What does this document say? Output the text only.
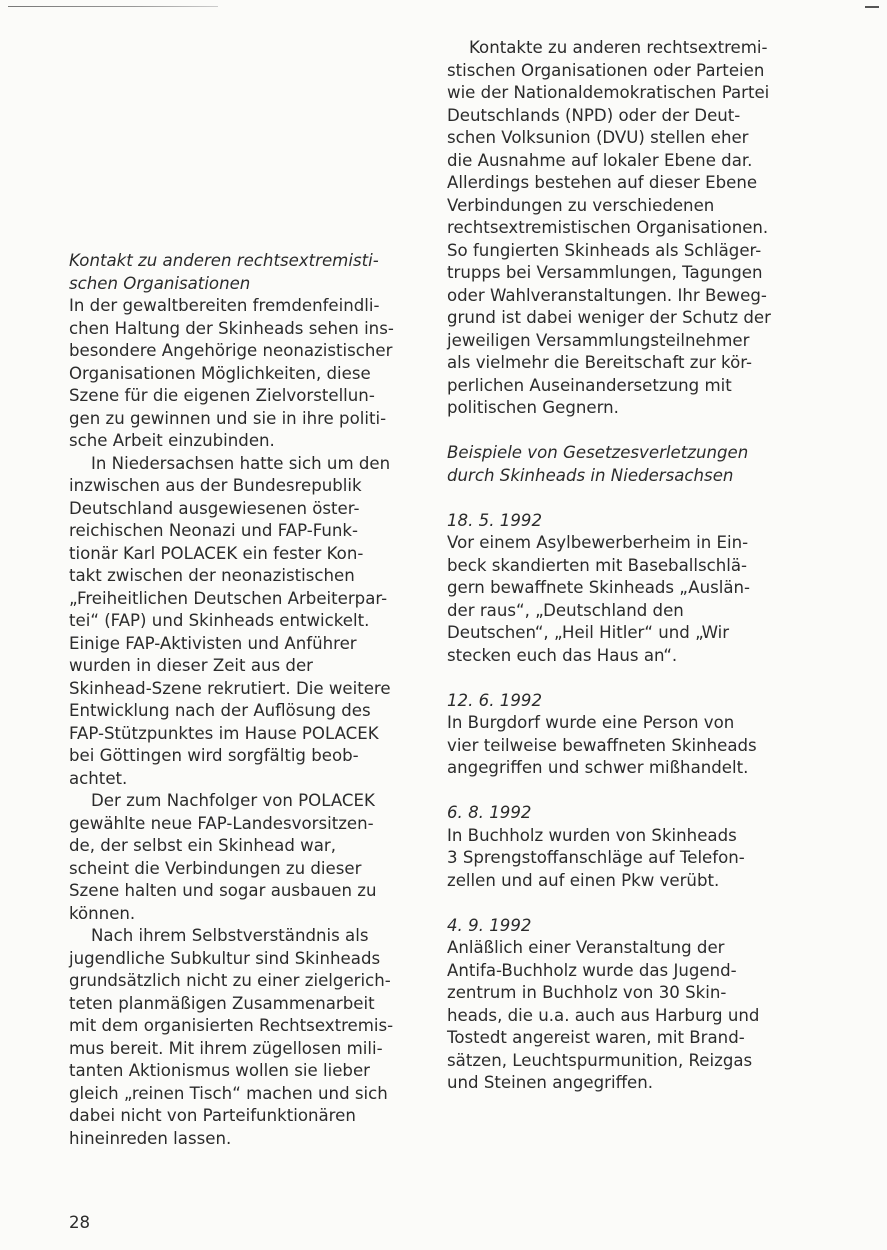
Kontakt zu anderen rechtsextremisti-
schen Organisationen

In der gewaltbereiten fremdenfeindli-
chen Haltung der Skinheads sehen ins-
besondere Angehörige neonazistischer
Organisationen Möglichkeiten, diese
Szene für die eigenen Zielvorstellun-
gen zu gewinnen und sie in ihre politi-
sche Arbeit einzubinden.

In Niedersachsen hatte sich um den
inzwischen aus der Bundesrepublik
Deutschland ausgewiesenen öster-
reichischen Neonazi und FAP-Funk-
tionär Karl POLACEK ein fester Kon-
takt zwischen der neonazistischen
„Freiheitlichen Deutschen Arbeiterpar-
tei“ (FAP) und Skinheads entwickelt.
Einige FAP-Aktivisten und Anführer
wurden in dieser Zeit aus der
Skinhead-Szene rekrutiert. Die weitere
Entwicklung nach der Auflösung des
FAP-Stützpunktes im Hause POLACEK
bei Göttingen wird sorgfältig beob-
achtet.

Der zum Nachfolger von POLACEK
gewählte neue FAP-Landesvorsitzen-
de, der selbst ein Skinhead war,
scheint die Verbindungen zu dieser
Szene halten und sogar ausbauen zu
können.

Nach ihrem Selbstverständnis als
jugendliche Subkultur sind Skinheads
grundsätzlich nicht zu einer zielgerich-
teten planmäßigen Zusammenarbeit
mit dem organisierten Rechtsextremis-
mus bereit. Mit ihrem zügellosen mili-
tanten Aktionismus wollen sie lieber
gleich „reinen Tisch“ machen und sich
dabei nicht von Parteifunktionären
hineinreden lassen.

Kontakte zu anderen rechtsextremi-
stischen Organisationen oder Parteien
wie der Nationaldemokratischen Partei
Deutschlands (NPD) oder der Deut-
schen Volksunion (DVU) stellen eher
die Ausnahme auf lokaler Ebene dar.
Allerdings bestehen auf dieser Ebene
Verbindungen zu verschiedenen
rechtsextremistischen Organisationen.
So fungierten Skinheads als Schläger-
trupps bei Versammlungen, Tagungen
oder Wahlveranstaltungen. Ihr Beweg-
grund ist dabei weniger der Schutz der
jeweiligen Versammlungsteilnehmer
als vielmehr die Bereitschaft zur kör-
perlichen Auseinandersetzung mit
politischen Gegnern.

Beispiele von Gesetzesverletzungen
durch Skinheads in Niedersachsen

18. 5. 1992

Vor einem Asylbewerberheim in Ein-
beck skandierten mit Baseballschlä-
gern bewaffnete Skinheads „Auslän-
der raus“, „Deutschland den
Deutschen“, „Heil Hitler“ und „Wir
stecken euch das Haus an“.

12. 6. 1992

In Burgdorf wurde eine Person von
vier teilweise bewaffneten Skinheads
angegriffen und schwer mißhandelt.

6. 8. 1992

In Buchholz wurden von Skinheads
3 Sprengstoffanschläge auf Telefon-
zellen und auf einen Pkw verübt.

4. 9. 1992

Anläßlich einer Veranstaltung der
Antifa-Buchholz wurde das Jugend-
zentrum in Buchholz von 30 Skin-
heads, die u.a. auch aus Harburg und
Tostedt angereist waren, mit Brand-
sätzen, Leuchtspurmunition, Reizgas
und Steinen angegriffen.

28
